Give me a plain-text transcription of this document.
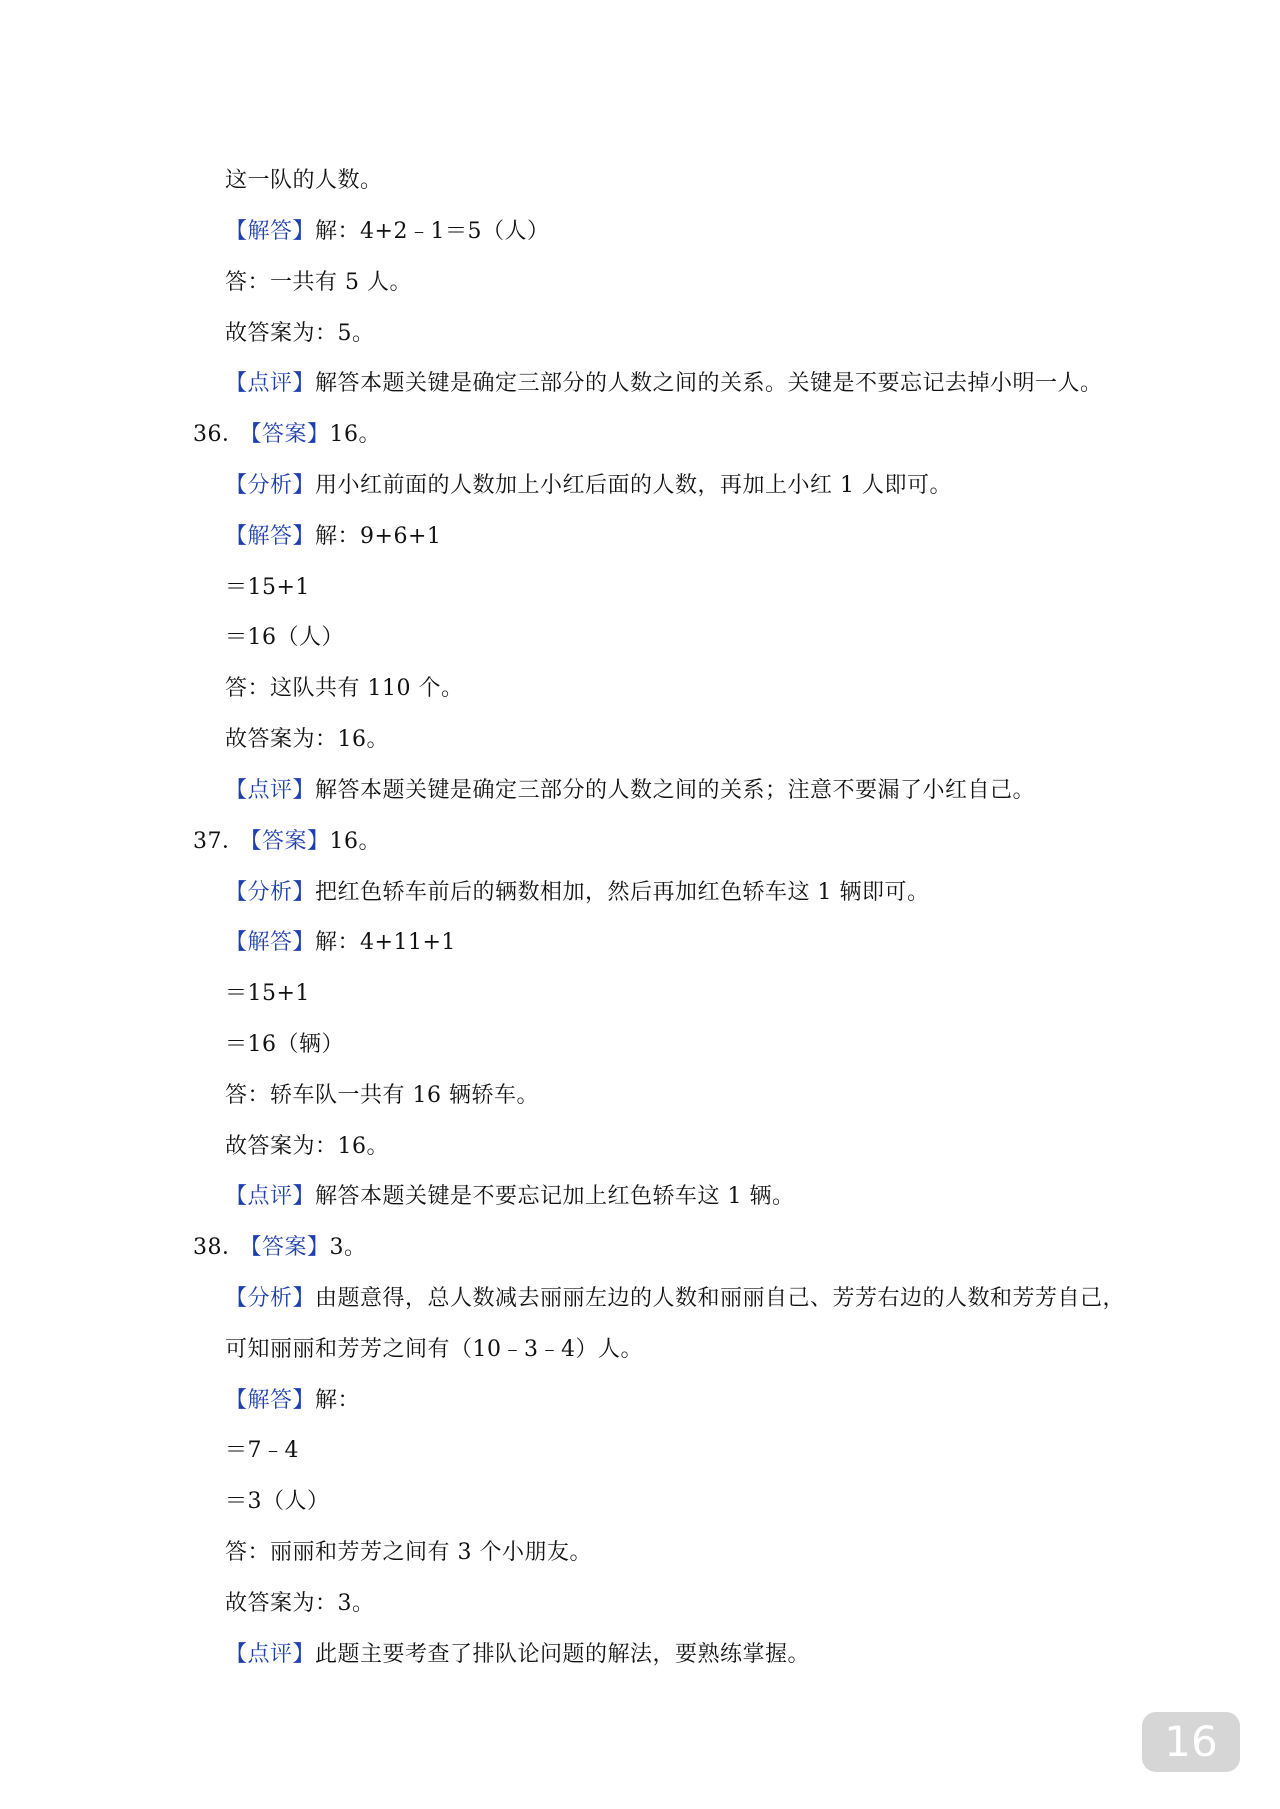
这一队的人数。
【解答】解：4+2﹣1＝5（人）
答：一共有 5 人。
故答案为：5。
【点评】解答本题关键是确定三部分的人数之间的关系。关键是不要忘记去掉小明一人。
36． 【答案】16。
【分析】用小红前面的人数加上小红后面的人数，再加上小红 1 人即可。
【解答】解：9+6+1
＝15+1
＝16（人）
答：这队共有 110 个。
故答案为：16。
【点评】解答本题关键是确定三部分的人数之间的关系；注意不要漏了小红自己。
37． 【答案】16。
【分析】把红色轿车前后的辆数相加，然后再加红色轿车这 1 辆即可。
【解答】解：4+11+1
＝15+1
＝16（辆）
答：轿车队一共有 16 辆轿车。
故答案为：16。
【点评】解答本题关键是不要忘记加上红色轿车这 1 辆。
38． 【答案】3。
【分析】由题意得，总人数减去丽丽左边的人数和丽丽自己、芳芳右边的人数和芳芳自己，
可知丽丽和芳芳之间有（10﹣3﹣4）人。
【解答】解：
＝7﹣4
＝3（人）
答：丽丽和芳芳之间有 3 个小朋友。
故答案为：3。
【点评】此题主要考查了排队论问题的解法，要熟练掌握。
16
